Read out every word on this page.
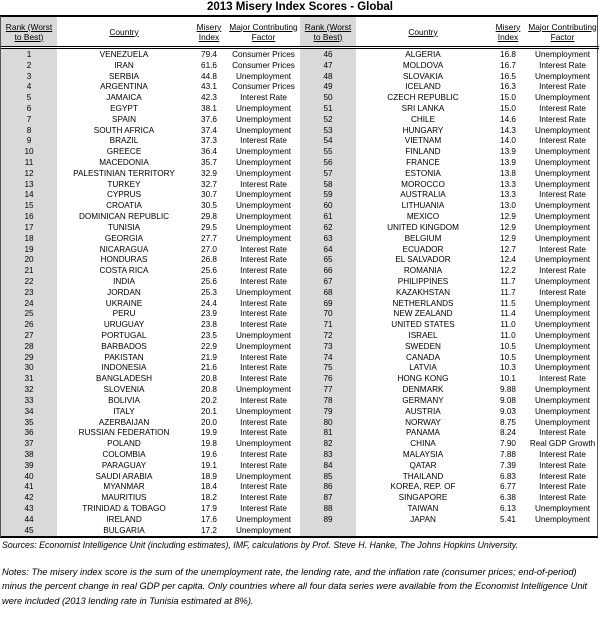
2013 Misery Index Scores - Global
Rank (Worst to Best)	Country	Misery Index
Major Contributing Factor
1	VENEZUELA	79.4	Consumer Prices
2	IRAN	61.6	Consumer Prices
3	SERBIA	44.8	Unemployment
4	ARGENTINA	43.1	Consumer Prices
5	JAMAICA	42.3	Interest Rate
6	EGYPT	38.1	Unemployment
7	SPAIN	37.6	Unemployment
8	SOUTH AFRICA	37.4	Unemployment
9	BRAZIL	37.3	Interest Rate
10	GREECE	36.4	Unemployment
11	MACEDONIA	35.7	Unemployment
12	PALESTINIAN TERRITORY	32.9	Unemployment
13	TURKEY	32.7	Interest Rate
14	CYPRUS	30.7	Unemployment
15	CROATIA	30.5	Unemployment
16	DOMINICAN REPUBLIC	29.8	Unemployment
17	TUNISIA	29.5	Unemployment
18	GEORGIA	27.7	Unemployment
19	NICARAGUA	27.0	Interest Rate
20	HONDURAS	26.8	Interest Rate
21	COSTA RICA	25.6	Interest Rate
22	INDIA	25.6	Interest Rate
23	JORDAN	25.3	Unemployment
24	UKRAINE	24.4	Interest Rate
25	PERU	23.9	Interest Rate
26	URUGUAY	23.8	Interest Rate
27	PORTUGAL	23.5	Unemployment
28	BARBADOS	22.9	Unemployment
29	PAKISTAN	21.9	Interest Rate
30	INDONESIA	21.6	Interest Rate
31	BANGLADESH	20.8	Interest Rate
32	SLOVENIA	20.8	Unemployment
33	BOLIVIA	20.2	Interest Rate
34	ITALY	20.1	Unemployment
35	AZERBAIJAN	20.0	Interest Rate
36	RUSSIAN FEDERATION	19.9	Interest Rate
37	POLAND	19.8	Unemployment
38	COLOMBIA	19.6	Interest Rate
39	PARAGUAY	19.1	Interest Rate
40	SAUDI ARABIA	18.9	Unemployment
41	MYANMAR	18.4	Interest Rate
42	MAURITIUS	18.2	Interest Rate
43	TRINIDAD & TOBAGO	17.9	Interest Rate
44	IRELAND	17.6	Unemployment
45	BULGARIA	17.2	Unemployment
Rank (Worst to Best)	Country	Misery Index
Major Contributing Factor
46	ALGERIA	16.8	Unemployment
47	MOLDOVA	16.7	Interest Rate
48	SLOVAKIA	16.5	Unemployment
49	ICELAND	16.3	Interest Rate
50	CZECH REPUBLIC	15.0	Unemployment
51	SRI LANKA	15.0	Interest Rate
52	CHILE	14.6	Interest Rate
53	HUNGARY	14.3	Unemployment
54	VIETNAM	14.0	Interest Rate
55	FINLAND	13.9	Unemployment
56	FRANCE	13.9	Unemployment
57	ESTONIA	13.8	Unemployment
58	MOROCCO	13.3	Unemployment
59	AUSTRALIA	13.3	Interest Rate
60	LITHUANIA	13.0	Unemployment
61	MEXICO	12.9	Unemployment
62	UNITED KINGDOM	12.9	Unemployment
63	BELGIUM	12.9	Unemployment
64	ECUADOR	12.7	Interest Rate
65	EL SALVADOR	12.4	Unemployment
66	ROMANIA	12.2	Interest Rate
67	PHILIPPINES	11.7	Unemployment
68	KAZAKHSTAN	11.7	Interest Rate
69	NETHERLANDS	11.5	Unemployment
70	NEW ZEALAND	11.4	Unemployment
71	UNITED STATES	11.0	Unemployment
72	ISRAEL	11.0	Unemployment
73	SWEDEN	10.5	Unemployment
74	CANADA	10.5	Unemployment
75	LATVIA	10.3	Unemployment
76	HONG KONG	10.1	Interest Rate
77	DENMARK	9.88	Unemployment
78	GERMANY	9.08	Unemployment
79	AUSTRIA	9.03	Unemployment
80	NORWAY	8.75	Unemployment
81	PANAMA	8.24	Interest Rate
82	CHINA	7.90	Real GDP Growth
83	MALAYSIA	7.88	Interest Rate
84	QATAR	7.39	Interest Rate
85	THAILAND	6.83	Interest Rate
86	KOREA, REP. OF	6.77	Interest Rate
87	SINGAPORE	6.38	Interest Rate
88	TAIWAN	6.13	Unemployment
89	JAPAN	5.41	Unemployment
Sources: Economist Intelligence Unit (including estimates), IMF, calculations by Prof. Steve H. Hanke, The Johns Hopkins University.
Notes: The misery index score is the sum of the unemployment rate, the lending rate, and the inflation rate (consumer prices; end-of-period) minus the percent change in real GDP per capita. Only countries where all four data series were available from the Economist Intelligence Unit were included (2013 lending rate in Tunisia estimated at 8%).
